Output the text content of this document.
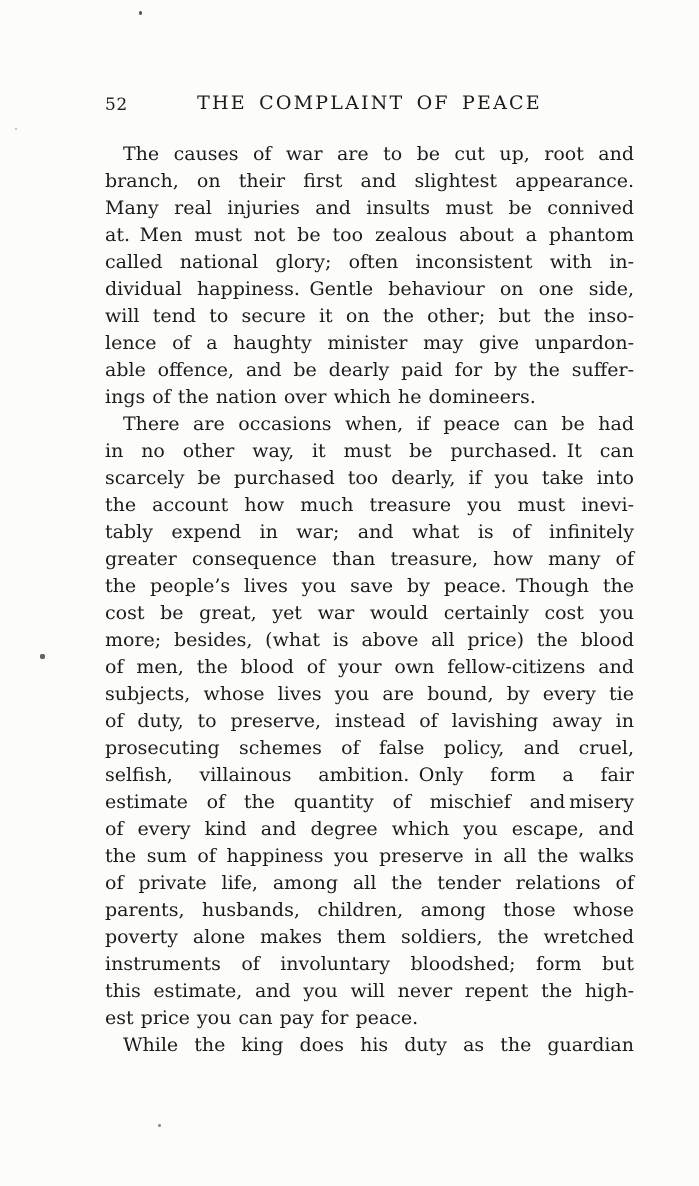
52	THE COMPLAINT OF PEACE
The causes of war are to be cut up, root and
branch, on their first and slightest appearance.
Many real injuries and insults must be connived
at. Men must not be too zealous about a phantom
called national glory; often inconsistent with in-
dividual happiness. Gentle behaviour on one side,
will tend to secure it on the other; but the inso-
lence of a haughty minister may give unpardon-
able offence, and be dearly paid for by the suffer-
ings of the nation over which he domineers.
There are occasions when, if peace can be had
in no other way, it must be purchased. It can
scarcely be purchased too dearly, if you take into
the account how much treasure you must inevi-
tably expend in war; and what is of infinitely
greater consequence than treasure, how many of
the people’s lives you save by peace. Though the
cost be great, yet war would certainly cost you
more; besides, (what is above all price) the blood
of men, the blood of your own fellow-citizens and
subjects, whose lives you are bound, by every tie
of duty, to preserve, instead of lavishing away in
prosecuting schemes of false policy, and cruel,
selfish, villainous ambition. Only form a fair
estimate of the quantity of mischief and misery
of every kind and degree which you escape, and
the sum of happiness you preserve in all the walks
of private life, among all the tender relations of
parents, husbands, children, among those whose
poverty alone makes them soldiers, the wretched
instruments of involuntary bloodshed; form but
this estimate, and you will never repent the high-
est price you can pay for peace.
While the king does his duty as the guardian
